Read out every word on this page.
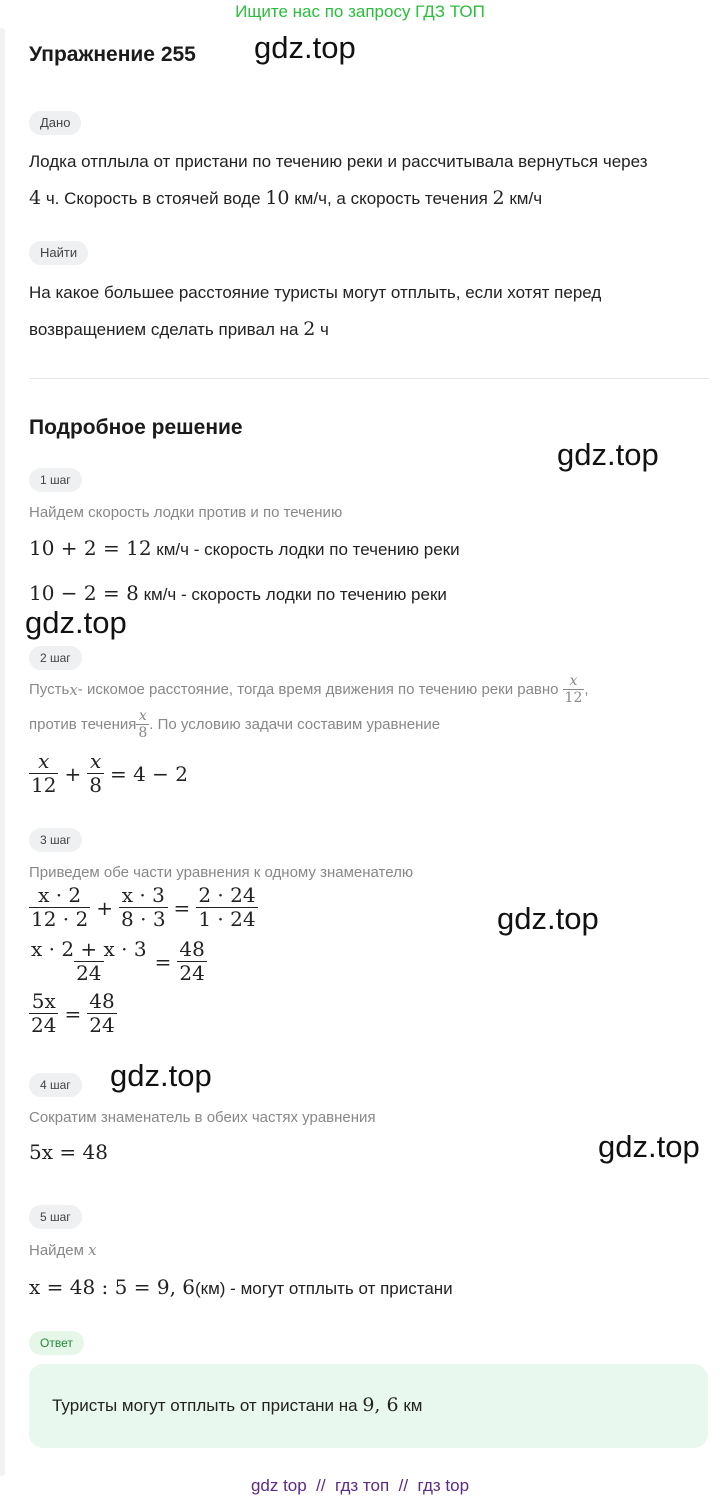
Ищите нас по запросу ГДЗ ТОП
gdz.top
gdz.top
gdz.top
gdz.top
gdz.top
gdz.top
Упражнение 255
Дано
Лодка отплыла от пристани по течению реки и рассчитывала вернуться через
4 ч. Скорость в стоячей воде 10 км/ч, а скорость течения 2 км/ч
Найти
На какое большее расстояние туристы могут отплыть, если хотят перед
возвращением сделать привал на 2 ч
Подробное решение
1 шаг
Найдем скорость лодки против и по течению
10 + 2 = 12 км/ч - скорость лодки по течению реки
10 − 2 = 8 км/ч - скорость лодки по течению реки
2 шаг
Пусть x - искомое расстояние, тогда время движения по течению реки равно $\frac{x}{12}$ ,
против течения $\frac{x}{8}$ . По условию задачи составим уравнение
$\frac{x}{12} + \frac{x}{8} = 4 - 2$
3 шаг
Приведем обе части уравнения к одному знаменателю
$\frac{x \cdot 2}{12 \cdot 2} + \frac{x \cdot 3}{8 \cdot 3} = \frac{2 \cdot 24}{1 \cdot 24}$
$\frac{x \cdot 2 + x \cdot 3}{24} = \frac{48}{24}$
$\frac{5x}{24} = \frac{48}{24}$
4 шаг
Сократим знаменатель в обеих частях уравнения
5x = 48
5 шаг
Найдем x
x = 48 : 5 = 9, 6(км) - могут отплыть от пристани
Ответ
Туристы могут отплыть от пристани на 9, 6 км
gdz top  //  гдз топ  //  гдз top
